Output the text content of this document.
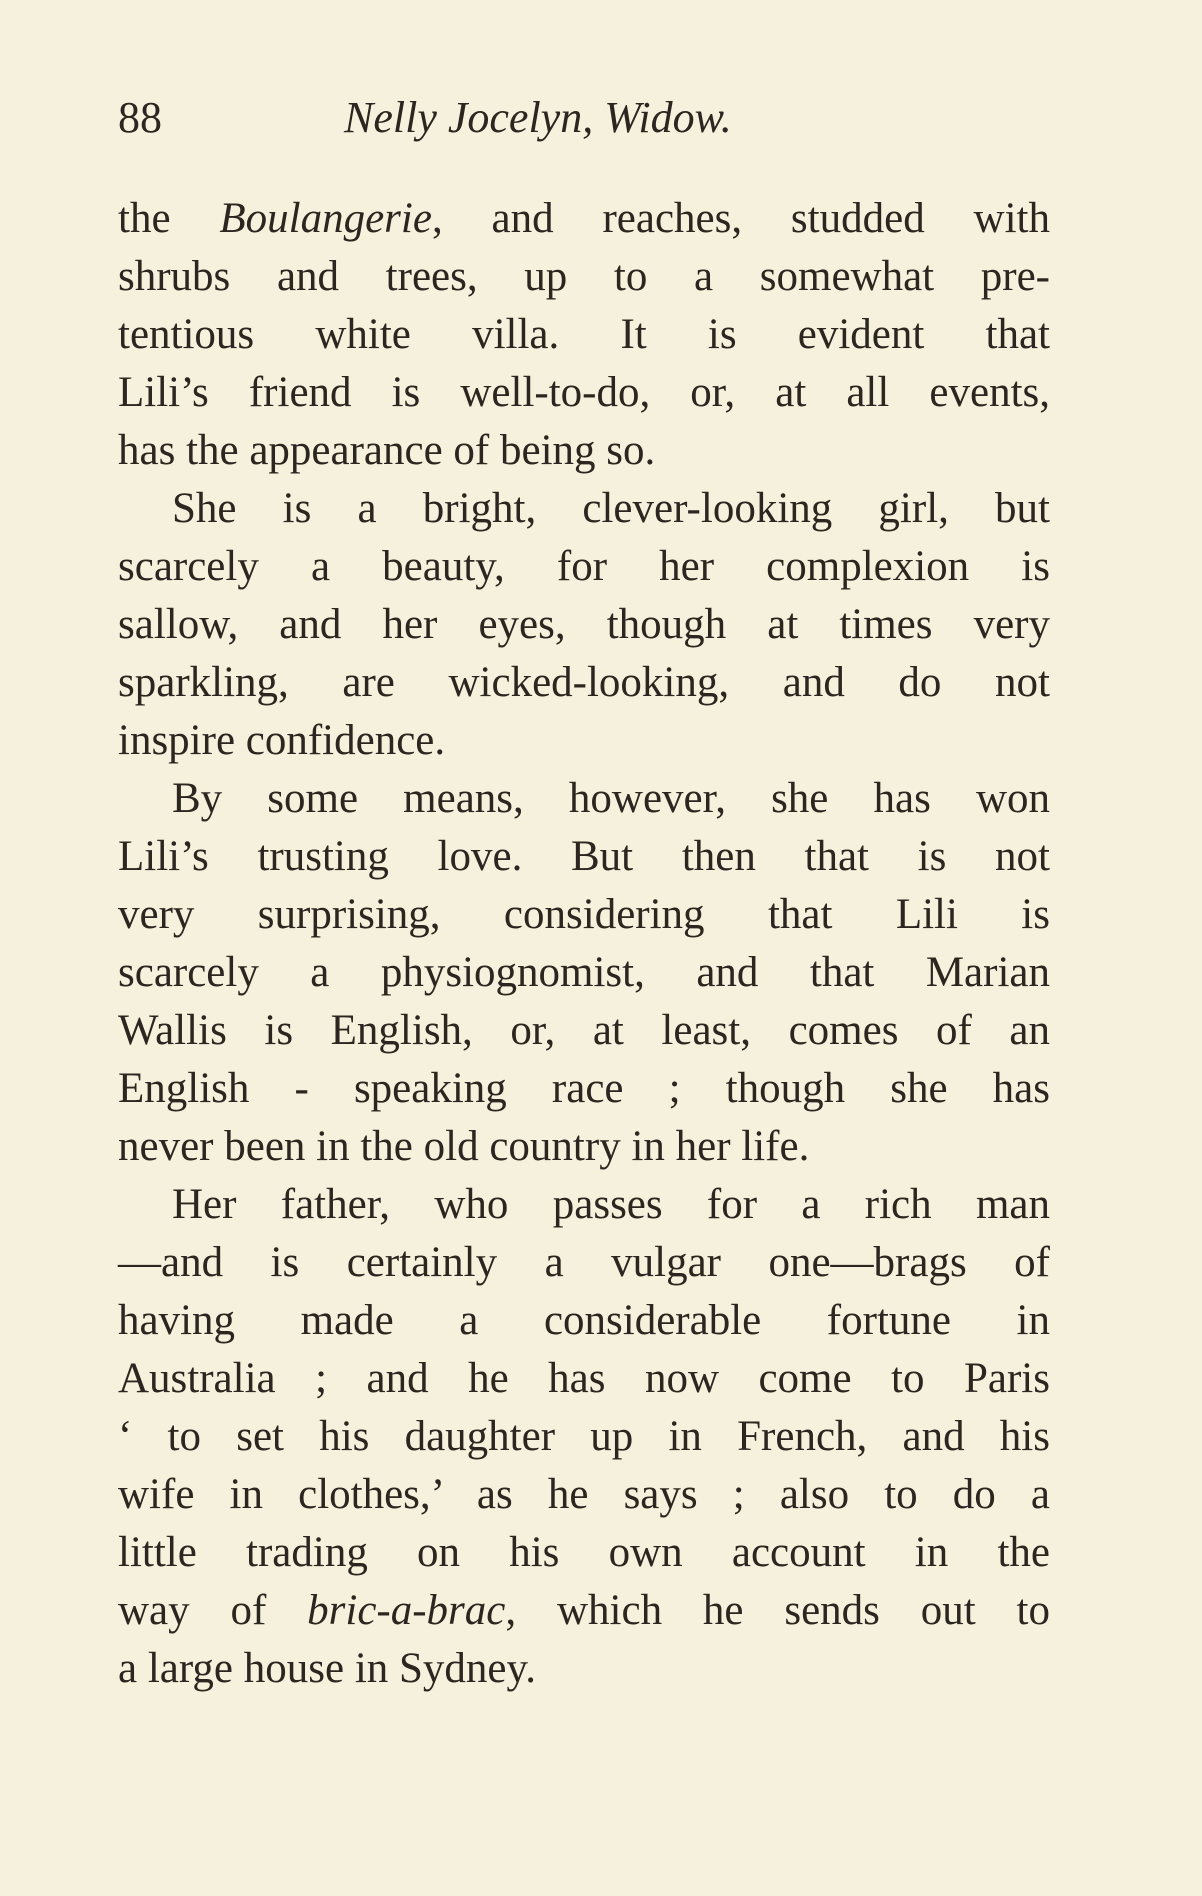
88	Nelly Jocelyn, Widow.
the Boulangerie, and reaches, studded with
shrubs and trees, up to a somewhat pre-
tentious white villa. It is evident that
Lili’s friend is well-to-do, or, at all events,
has the appearance of being so.
She is a bright, clever-looking girl, but
scarcely a beauty, for her complexion is
sallow, and her eyes, though at times very
sparkling, are wicked-looking, and do not
inspire confidence.
By some means, however, she has won
Lili’s trusting love. But then that is not
very surprising, considering that Lili is
scarcely a physiognomist, and that Marian
Wallis is English, or, at least, comes of an
English - speaking race ; though she has
never been in the old country in her life.
Her father, who passes for a rich man
—and is certainly a vulgar one—brags of
having made a considerable fortune in
Australia ; and he has now come to Paris
‘ to set his daughter up in French, and his
wife in clothes,’ as he says ; also to do a
little trading on his own account in the
way of bric-a-brac, which he sends out to
a large house in Sydney.
